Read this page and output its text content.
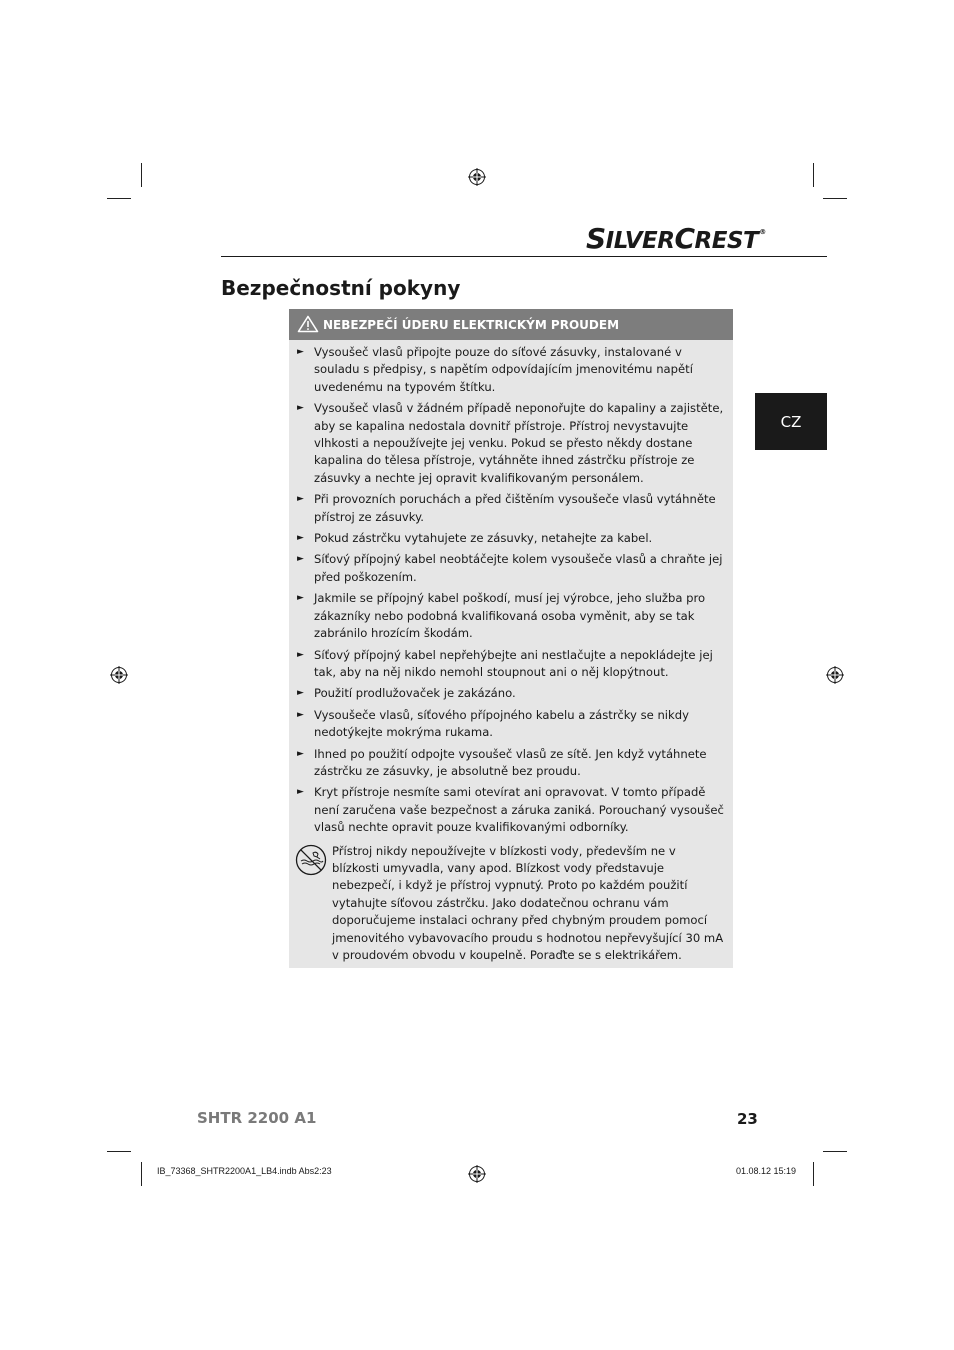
SILVERCREST®
Bezpečnostní pokyny
NEBEZPEČÍ ÚDERU ELEKTRICKÝM PROUDEM
► Vysoušeč vlasů připojte pouze do síťové zásuvky, instalované v souladu s předpisy, s napětím odpovídajícím jmenovitému napětí uvedenému na typovém štítku.
► Vysoušeč vlasů v žádném případě neponořujte do kapaliny a zajistěte, aby se kapalina nedostala dovnitř přístroje. Přístroj nevystavujte vlhkosti a nepoužívejte jej venku. Pokud se přesto někdy dostane kapalina do tělesa přístroje, vytáhněte ihned zástrčku přístroje ze zásuvky a nechte jej opravit kvalifikovaným personálem.
► Při provozních poruchách a před čištěním vysoušeče vlasů vytáhněte přístroj ze zásuvky.
► Pokud zástrčku vytahujete ze zásuvky, netahejte za kabel.
► Síťový přípojný kabel neobtáčejte kolem vysoušeče vlasů a chraňte jej před poškozením.
► Jakmile se přípojný kabel poškodí, musí jej výrobce, jeho služba pro zákazníky nebo podobná kvalifikovaná osoba vyměnit, aby se tak zabránilo hrozícím škodám.
► Síťový přípojný kabel nepřehýbejte ani nestlačujte a nepokládejte jej tak, aby na něj nikdo nemohl stoupnout ani o něj klopýtnout.
► Použití prodlužovaček je zakázáno.
► Vysoušeče vlasů, síťového přípojného kabelu a zástrčky se nikdy nedotýkejte mokrýma rukama.
► Ihned po použití odpojte vysoušeč vlasů ze sítě. Jen když vytáhnete zástrčku ze zásuvky, je absolutně bez proudu.
► Kryt přístroje nesmíte sami otevírat ani opravovat. V tomto případě není zaručena vaše bezpečnost a záruka zaniká. Porouchaný vysoušeč vlasů nechte opravit pouze kvalifikovanými odborníky.
Přístroj nikdy nepoužívejte v blízkosti vody, především ne v blízkosti umyvadla, vany apod. Blízkost vody představuje nebezpečí, i když je přístroj vypnutý. Proto po každém použití vytahujte síťovou zástrčku. Jako dodatečnou ochranu vám doporučujeme instalaci ochrany před chybným proudem pomocí jmenovitého vybavovacího proudu s hodnotou nepřevyšující 30 mA v proudovém obvodu v koupelně. Poraďte se s elektrikářem.
CZ
SHTR 2200 A1	23
IB_73368_SHTR2200A1_LB4.indb Abs2:23	01.08.12 15:19
